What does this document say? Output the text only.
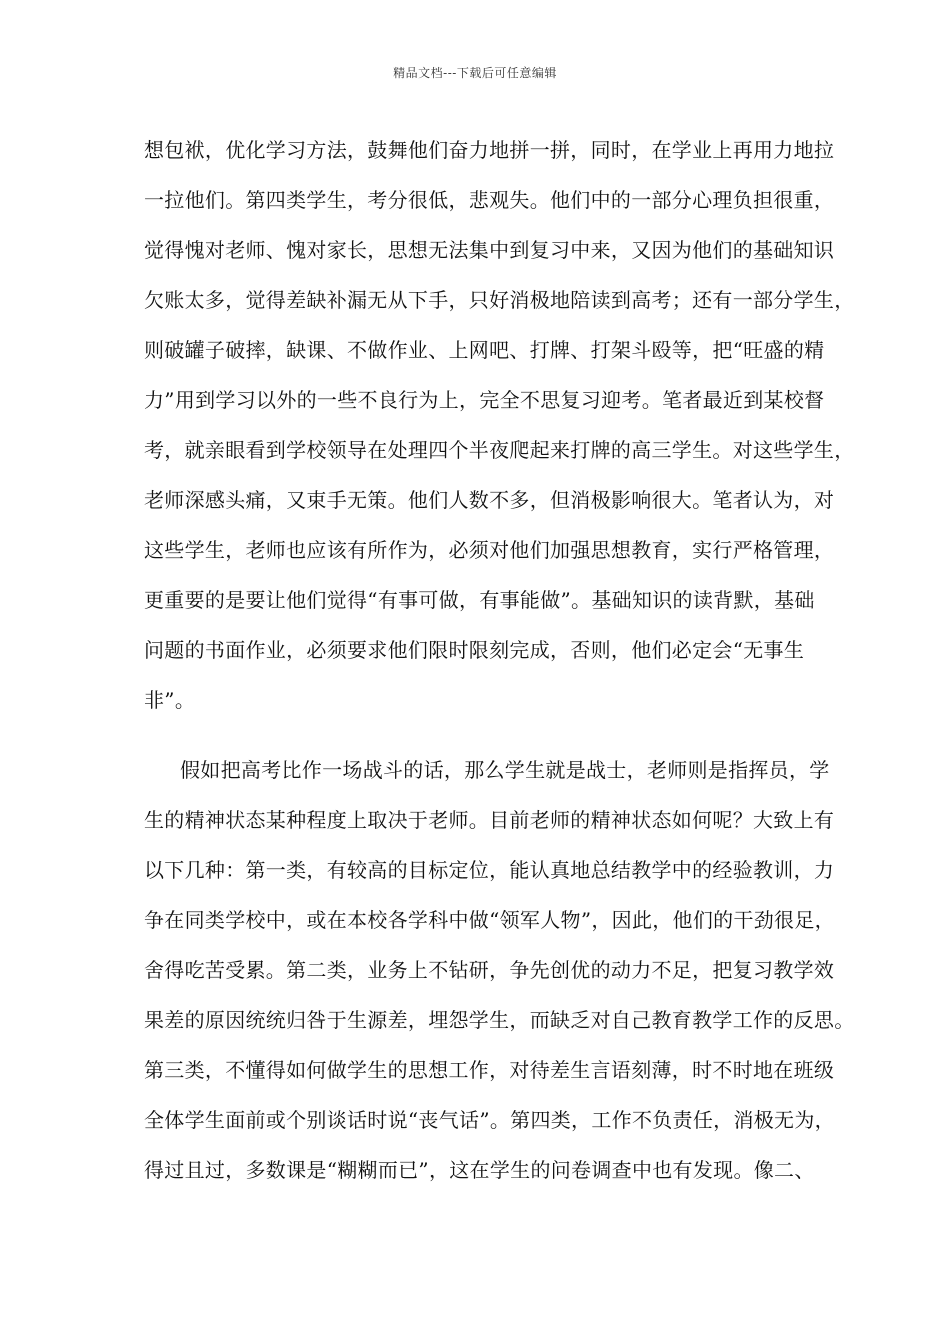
精品文档---下载后可任意编辑
想包袱，优化学习方法，鼓舞他们奋力地拼一拼，同时，在学业上再用力地拉
一拉他们。第四类学生，考分很低，悲观失。他们中的一部分心理负担很重，
觉得愧对老师、愧对家长，思想无法集中到复习中来，又因为他们的基础知识
欠账太多，觉得差缺补漏无从下手，只好消极地陪读到高考；还有一部分学生，
则破罐子破摔，缺课、不做作业、上网吧、打牌、打架斗殴等，把“旺盛的精
力”用到学习以外的一些不良行为上，完全不思复习迎考。笔者最近到某校督
考，就亲眼看到学校领导在处理四个半夜爬起来打牌的高三学生。对这些学生，
老师深感头痛，又束手无策。他们人数不多，但消极影响很大。笔者认为，对
这些学生，老师也应该有所作为，必须对他们加强思想教育，实行严格管理，
更重要的是要让他们觉得“有事可做，有事能做”。基础知识的读背默，基础
问题的书面作业，必须要求他们限时限刻完成，否则，他们必定会“无事生
非”。
假如把高考比作一场战斗的话，那么学生就是战士，老师则是指挥员，学
生的精神状态某种程度上取决于老师。目前老师的精神状态如何呢？大致上有
以下几种：第一类，有较高的目标定位，能认真地总结教学中的经验教训，力
争在同类学校中，或在本校各学科中做“领军人物”，因此，他们的干劲很足，
舍得吃苦受累。第二类，业务上不钻研，争先创优的动力不足，把复习教学效
果差的原因统统归咎于生源差，埋怨学生，而缺乏对自己教育教学工作的反思。
第三类，不懂得如何做学生的思想工作，对待差生言语刻薄，时不时地在班级
全体学生面前或个别谈话时说“丧气话”。第四类，工作不负责任，消极无为，
得过且过，多数课是“糊糊而已”，这在学生的问卷调查中也有发现。像二、
